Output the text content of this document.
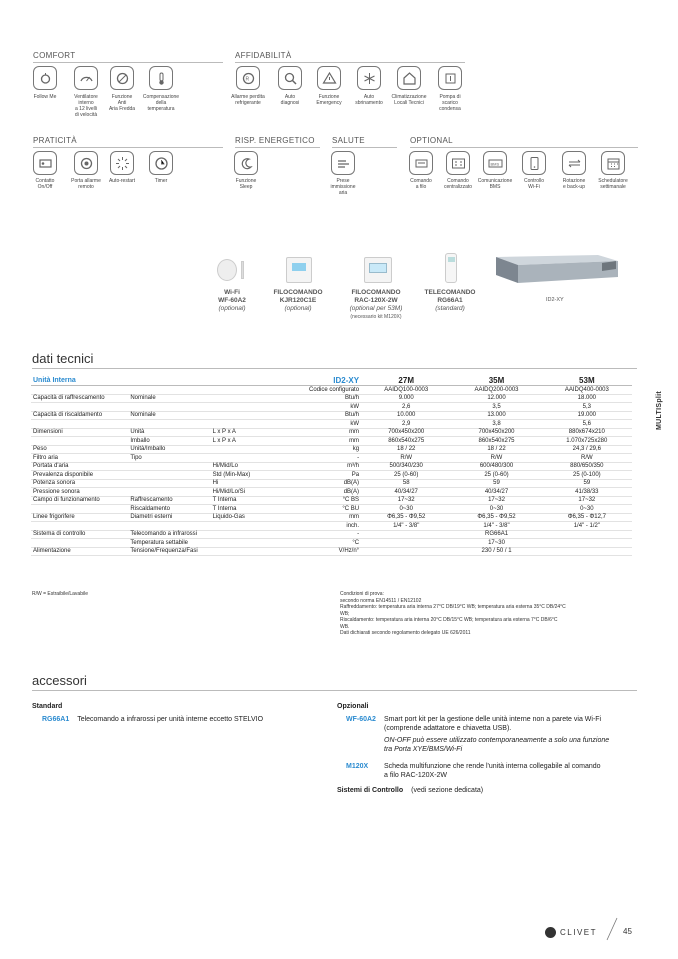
COMFORT	AFFIDABILITÀ
PRATICITÀ	RISP. ENERGETICO	SALUTE	OPTIONAL
Follow Me	Ventilatore
interno
a 12 livelli
di velocità
Funzione
Anti
Aria Fredda
Compensazione
della
temperatura
R
Allarme perdita
refrigerante
Auto
diagnosi
Funzione
Emergency
Auto
sbrinamento
Climatizzazione
Locali Tecnici
Pompa di
scarico
condensa
Contatto
On/Off
Porta allarme
remoto
Auto-restart	Timer	Funzione
Sleep
Prese
immissione
aria
Comando
a filo
Comando
centralizzato
BMS
Comunicazione
BMS
Controllo
Wi-Fi
Rotazione
e back-up
Schedulatore
settimanale
Wi-Fi
WF-60A2
(optional)
FILOCOMANDO
KJR120C1E
(optional)
FILOCOMANDO
RAC-120X-2W
(optional per 53M)
(necessario kit M120X)
TELECOMANDO
RG66A1
(standard)
ID2-XY
dati tecnici
Unità Interna			ID2-XY	27M	35M	53M
			Codice configurato	AAIDQ100-0003	AAIDQ200-0003	AAIDQ400-0003
Capacità di raffrescamento	Nominale		Btu/h	9.000	12.000	18.000
			kW	2,6	3,5	5,3
Capacità di riscaldamento	Nominale		Btu/h	10.000	13.000	19.000
			kW	2,9	3,8	5,6
Dimensioni	Unità	L x P x A	mm	700x450x200	700x450x200	880x674x210
	Imballo	L x P x A	mm	860x540x275	860x540x275	1.070x725x280
Peso	Unità/Imballo		kg	18 / 22	18 / 22	24,3 / 29,6
Filtro aria	Tipo		-	R/W	R/W	R/W
Portata d'aria		Hi/Mid/Lo	m³/h	500/340/230	600/480/300	880/650/350
Prevalenza disponibile		Std (Min-Max)	Pa	25 (0-60)	25 (0-60)	25 (0-100)
Potenza sonora		Hi	dB(A)	58	59	59
Pressione sonora		Hi/Mid/Lo/Si	dB(A)	40/34/27	40/34/27	41/38/33
Campo di funzionamento	Raffrescamento	T Interna	°C BS	17~32	17~32	17~32
	Riscaldamento	T Interna	°C BU	0~30	0~30	0~30
Linee frigorifere	Diametri esterni	Liquido-Gas	mm	Φ6,35 - Φ9,52	Φ6,35 - Φ9,52	Φ6,35 - Φ12,7
			inch.	1/4" - 3/8"	1/4" - 3/8"	1/4" - 1/2"
Sistema di controllo	Telecomando a infrarossi		-	RG66A1		
	Temperatura settabile		°C	17~30		
Alimentazione	Tensione/Frequenza/Fasi		V/Hz/n°	230 / 50 / 1		
R/W = Estraibile/Lavabile	Condizioni di prova:
secondo norma EN14511 / EN12102
Raffreddamento: temperatura aria interna 27°C DB/19°C WB; temperatura aria esterna 35°C DB/24°C
WB;
Riscaldamento: temperatura aria interna 20°C DB/15°C WB; temperatura aria esterna 7°C DB/6°C
WB.
Dati dichiarati secondo regolamento delegato UE 626/2011
accessori
Standard
RG66A1 Telecomando a infrarossi per unità interne eccetto STELVIO
Opzionali
WF-60A2 Smart port kit per la gestione delle unità interne non a parete via Wi-Fi
(comprende adattatore e chiavetta USB).
ON-OFF può essere utilizzato contemporaneamente a solo una funzione
tra Porta XYE/BMS/Wi-Fi
M120X Scheda multifunzione che rende l'unità interna collegabile al comando
a filo RAC-120X-2W
Sistemi di Controllo (vedi sezione dedicata)
MULTISplit
CLIVET	45
